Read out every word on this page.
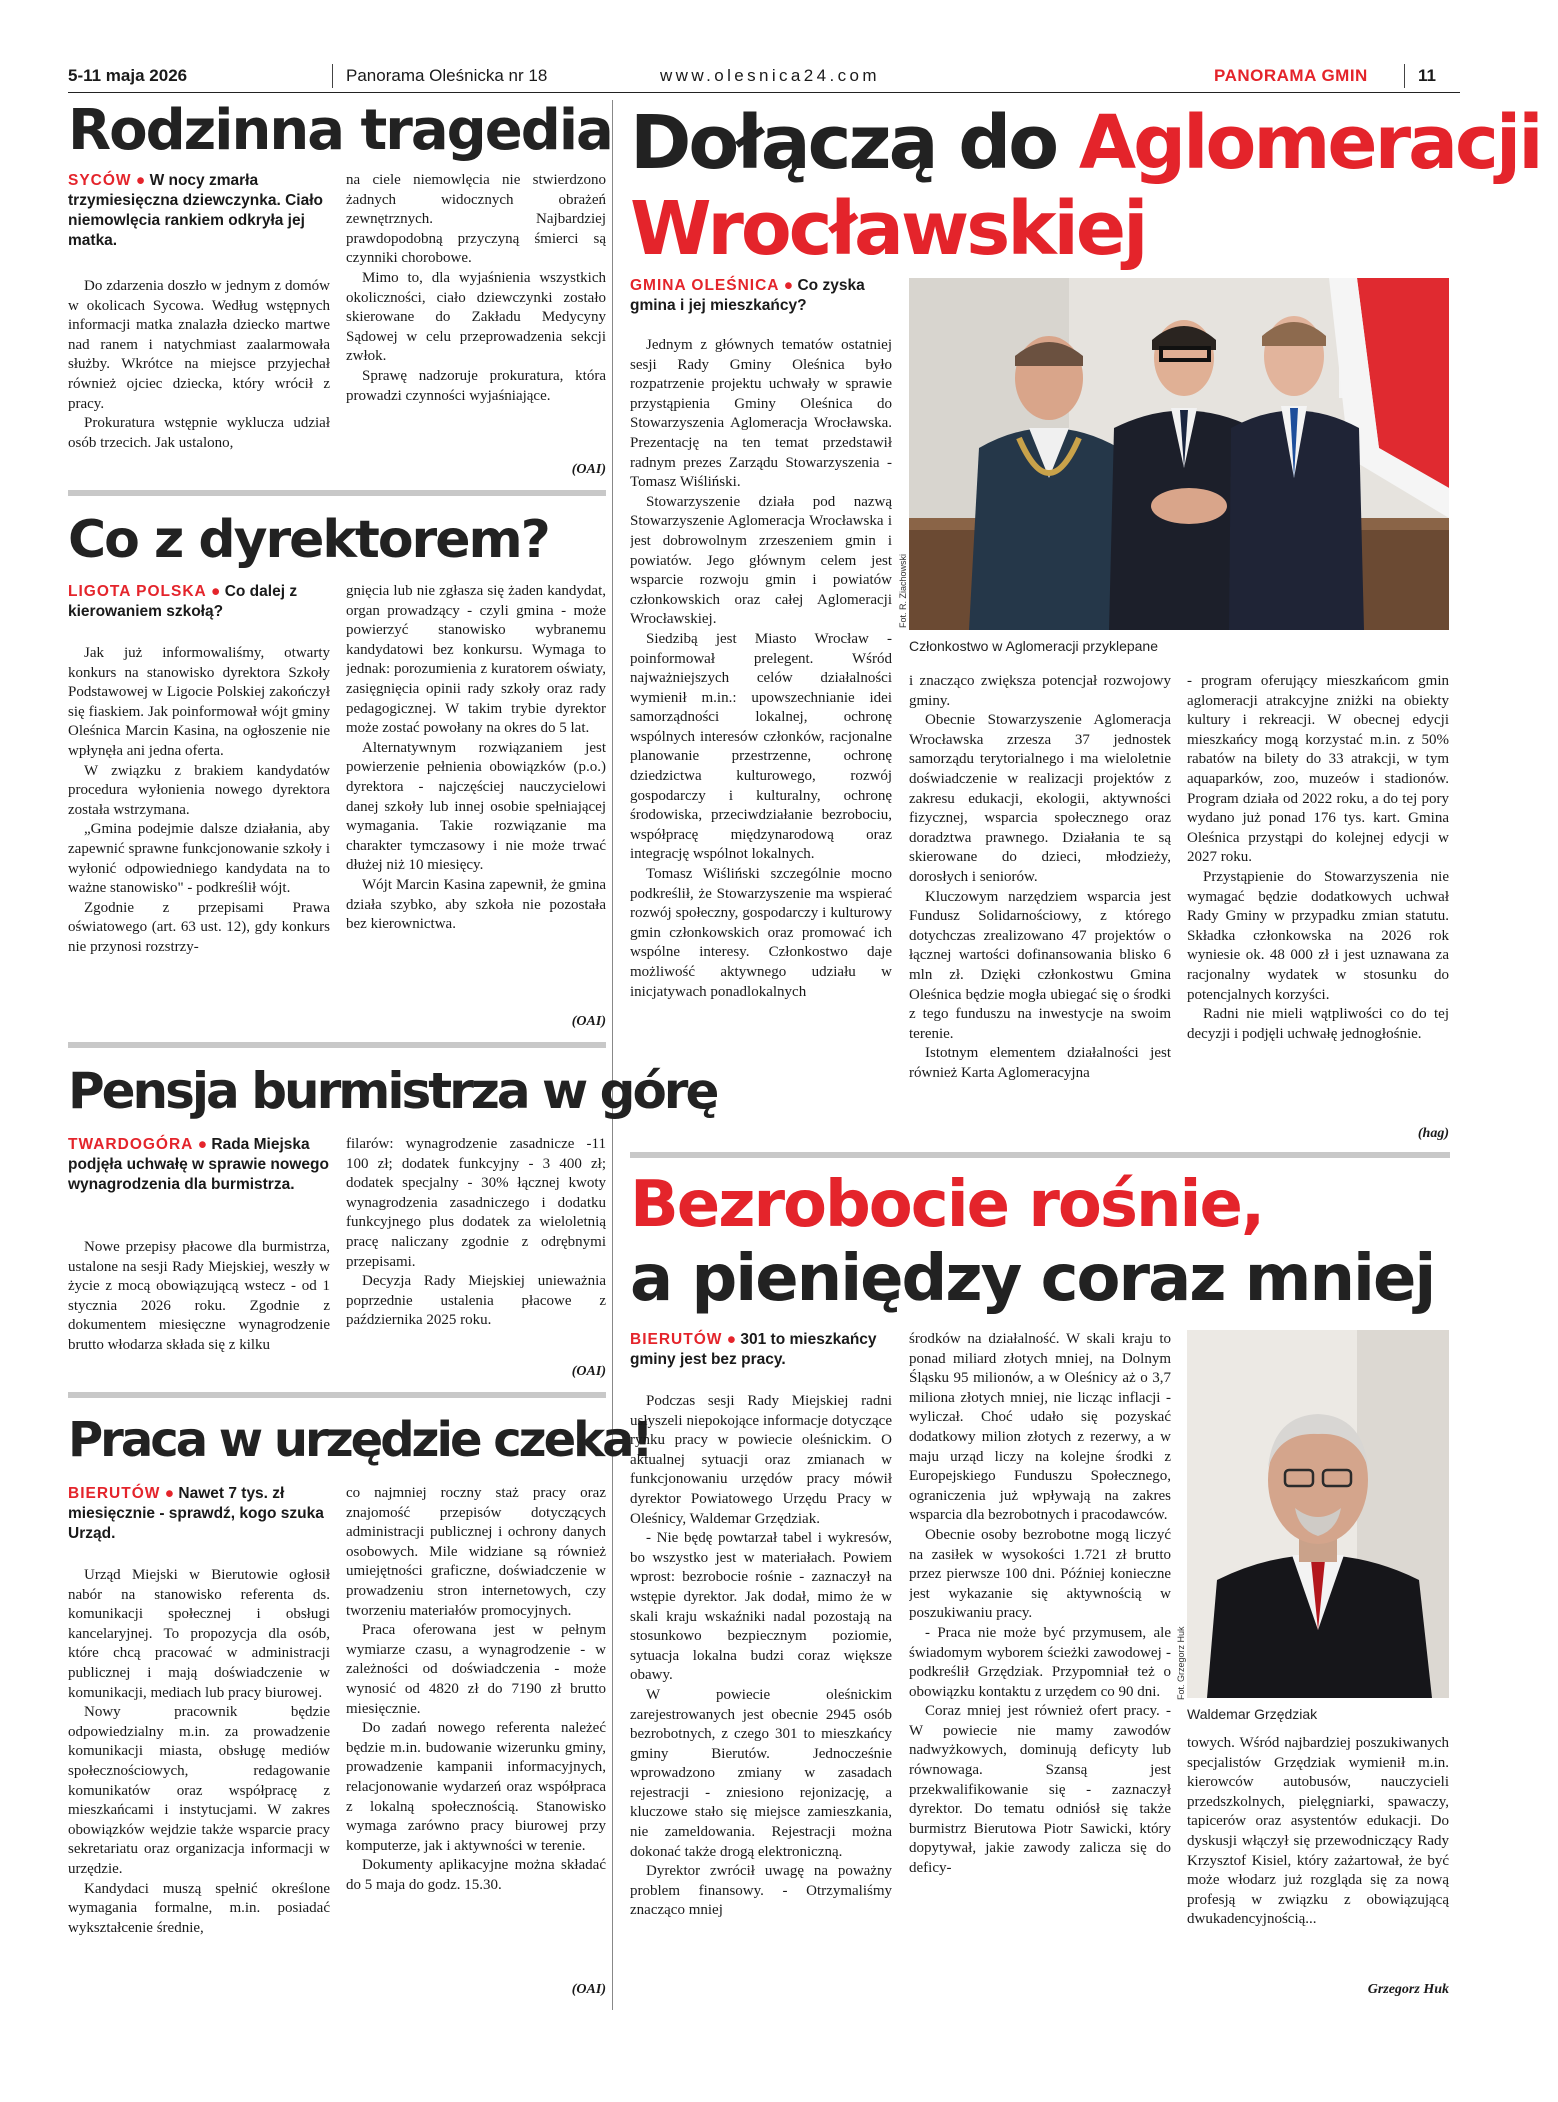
5-11 maja 2026	Panorama Oleśnicka nr 18	www.olesnica24.com	PANORAMA GMIN	11
Rodzinna tragedia
SYCÓW ● W nocy zmarła trzymiesięczna dziewczynka. Ciało niemowlęcia rankiem odkryła jej matka.

Do zdarzenia doszło w jednym z domów w okolicach Sycowa. Według wstępnych informacji matka znalazła dziecko martwe nad ranem i natychmiast zaalarmowała służby. Wkrótce na miejsce przyjechał również ojciec dziecka, który wrócił z pracy.

Prokuratura wstępnie wyklucza udział osób trzecich. Jak ustalono,

na ciele niemowlęcia nie stwierdzono żadnych widocznych obrażeń zewnętrznych. Najbardziej prawdopodobną przyczyną śmierci są czynniki chorobowe.

Mimo to, dla wyjaśnienia wszystkich okoliczności, ciało dziewczynki zostało skierowane do Zakładu Medycyny Sądowej w celu przeprowadzenia sekcji zwłok.

Sprawę nadzoruje prokuratura, która prowadzi czynności wyjaśniające.

(OAI)
Co z dyrektorem?
LIGOTA POLSKA ● Co dalej z kierowaniem szkołą?

Jak już informowaliśmy, otwarty konkurs na stanowisko dyrektora Szkoły Podstawowej w Ligocie Polskiej zakończył się fiaskiem. Jak poinformował wójt gminy Oleśnica Marcin Kasina, na ogłoszenie nie wpłynęła ani jedna oferta.

W związku z brakiem kandydatów procedura wyłonienia nowego dyrektora została wstrzymana.

„Gmina podejmie dalsze działania, aby zapewnić sprawne funkcjonowanie szkoły i wyłonić odpowiedniego kandydata na to ważne stanowisko" - podkreślił wójt.

Zgodnie z przepisami Prawa oświatowego (art. 63 ust. 12), gdy konkurs nie przynosi rozstrzy-

gnięcia lub nie zgłasza się żaden kandydat, organ prowadzący - czyli gmina - może powierzyć stanowisko wybranemu kandydatowi bez konkursu. Wymaga to jednak: porozumienia z kuratorem oświaty, zasięgnięcia opinii rady szkoły oraz rady pedagogicznej. W takim trybie dyrektor może zostać powołany na okres do 5 lat.

Alternatywnym rozwiązaniem jest powierzenie pełnienia obowiązków (p.o.) dyrektora - najczęściej nauczycielowi danej szkoły lub innej osobie spełniającej wymagania. Takie rozwiązanie ma charakter tymczasowy i nie może trwać dłużej niż 10 miesięcy.

Wójt Marcin Kasina zapewnił, że gmina działa szybko, aby szkoła nie pozostała bez kierownictwa.

(OAI)
Pensja burmistrza w górę
TWARDOGÓRA ● Rada Miejska podjęła uchwałę w sprawie nowego wynagrodzenia dla burmistrza.

Nowe przepisy płacowe dla burmistrza, ustalone na sesji Rady Miejskiej, weszły w życie z mocą obowiązującą wstecz - od 1 stycznia 2026 roku. Zgodnie z dokumentem miesięczne wynagrodzenie brutto włodarza składa się z kilku

filarów: wynagrodzenie zasadnicze -11 100 zł; dodatek funkcyjny - 3 400 zł; dodatek specjalny - 30% łącznej kwoty wynagrodzenia zasadniczego i dodatku funkcyjnego plus dodatek za wieloletnią pracę naliczany zgodnie z odrębnymi przepisami.

Decyzja Rady Miejskiej unieważnia poprzednie ustalenia płacowe z października 2025 roku.

(OAI)
Praca w urzędzie czeka!
BIERUTÓW ● Nawet 7 tys. zł miesięcznie - sprawdź, kogo szuka Urząd.

Urząd Miejski w Bierutowie ogłosił nabór na stanowisko referenta ds. komunikacji społecznej i obsługi kancelaryjnej. To propozycja dla osób, które chcą pracować w administracji publicznej i mają doświadczenie w komunikacji, mediach lub pracy biurowej.

Nowy pracownik będzie odpowiedzialny m.in. za prowadzenie komunikacji miasta, obsługę mediów społecznościowych, redagowanie komunikatów oraz współpracę z mieszkańcami i instytucjami. W zakres obowiązków wejdzie także wsparcie pracy sekretariatu oraz organizacja informacji w urzędzie.

Kandydaci muszą spełnić określone wymagania formalne, m.in. posiadać wykształcenie średnie,

co najmniej roczny staż pracy oraz znajomość przepisów dotyczących administracji publicznej i ochrony danych osobowych. Mile widziane są również umiejętności graficzne, doświadczenie w prowadzeniu stron internetowych, czy tworzeniu materiałów promocyjnych.

Praca oferowana jest w pełnym wymiarze czasu, a wynagrodzenie - w zależności od doświadczenia - może wynosić od 4820 zł do 7190 zł brutto miesięcznie.

Do zadań nowego referenta należeć będzie m.in. budowanie wizerunku gminy, prowadzenie kampanii informacyjnych, relacjonowanie wydarzeń oraz współpraca z lokalną społecznością. Stanowisko wymaga zarówno pracy biurowej przy komputerze, jak i aktywności w terenie.

Dokumenty aplikacyjne można składać do 5 maja do godz. 15.30.

(OAI)
Dołączą do Aglomeracji
Wrocławskiej
GMINA OLEŚNICA ● Co zyska gmina i jej mieszkańcy?

Jednym z głównych tematów ostatniej sesji Rady Gminy Oleśnica było rozpatrzenie projektu uchwały w sprawie przystąpienia Gminy Oleśnica do Stowarzyszenia Aglomeracja Wrocławska. Prezentację na ten temat przedstawił radnym prezes Zarządu Stowarzyszenia - Tomasz Wiśliński.

Stowarzyszenie działa pod nazwą Stowarzyszenie Aglomeracja Wrocławska i jest dobrowolnym zrzeszeniem gmin i powiatów. Jego głównym celem jest wsparcie rozwoju gmin i powiatów członkowskich oraz całej Aglomeracji Wrocławskiej.

Siedzibą jest Miasto Wrocław - poinformował prelegent. Wśród najważniejszych celów działalności wymienił m.in.: upowszechnianie idei samorządności lokalnej, ochronę wspólnych interesów członków, racjonalne planowanie przestrzenne, ochronę dziedzictwa kulturowego, rozwój gospodarczy i kulturalny, ochronę środowiska, przeciwdziałanie bezrobociu, współpracę międzynarodową oraz integrację wspólnot lokalnych.

Tomasz Wiśliński szczególnie mocno podkreślił, że Stowarzyszenie ma wspierać rozwój społeczny, gospodarczy i kulturowy gmin członkowskich oraz promować ich wspólne interesy. Członkostwo daje możliwość aktywnego udziału w inicjatywach ponadlokalnych

Fot. R. Ziachowski
Członkostwo w Aglomeracji przyklepane

i znacząco zwiększa potencjał rozwojowy gminy.

Obecnie Stowarzyszenie Aglomeracja Wrocławska zrzesza 37 jednostek samorządu terytorialnego i ma wieloletnie doświadczenie w realizacji projektów z zakresu edukacji, ekologii, aktywności fizycznej, wsparcia społecznego oraz doradztwa prawnego. Działania te są skierowane do dzieci, młodzieży, dorosłych i seniorów.

Kluczowym narzędziem wsparcia jest Fundusz Solidarnościowy, z którego dotychczas zrealizowano 47 projektów o łącznej wartości dofinansowania blisko 6 mln zł. Dzięki członkostwu Gmina Oleśnica będzie mogła ubiegać się o środki z tego funduszu na inwestycje na swoim terenie.

Istotnym elementem działalności jest również Karta Aglomeracyjna

- program oferujący mieszkańcom gmin aglomeracji atrakcyjne zniżki na obiekty kultury i rekreacji. W obecnej edycji mieszkańcy mogą korzystać m.in. z 50% rabatów na bilety do 33 atrakcji, w tym aquaparków, zoo, muzeów i stadionów. Program działa od 2022 roku, a do tej pory wydano już ponad 176 tys. kart. Gmina Oleśnica przystąpi do kolejnej edycji w 2027 roku.

Przystąpienie do Stowarzyszenia nie wymagać będzie dodatkowych uchwał Rady Gminy w przypadku zmian statutu. Składka członkowska na 2026 rok wyniesie ok. 48 000 zł i jest uznawana za racjonalny wydatek w stosunku do potencjalnych korzyści.

Radni nie mieli wątpliwości co do tej decyzji i podjęli uchwałę jednogłośnie.

(hag)
Bezrobocie rośnie,
a pieniędzy coraz mniej
BIERUTÓW ● 301 to mieszkańcy gminy jest bez pracy.

Podczas sesji Rady Miejskiej radni usłyszeli niepokojące informacje dotyczące rynku pracy w powiecie oleśnickim. O aktualnej sytuacji oraz zmianach w funkcjonowaniu urzędów pracy mówił dyrektor Powiatowego Urzędu Pracy w Oleśnicy, Waldemar Grzędziak.

- Nie będę powtarzał tabel i wykresów, bo wszystko jest w materiałach. Powiem wprost: bezrobocie rośnie - zaznaczył na wstępie dyrektor. Jak dodał, mimo że w skali kraju wskaźniki nadal pozostają na stosunkowo bezpiecznym poziomie, sytuacja lokalna budzi coraz większe obawy.

W powiecie oleśnickim zarejestrowanych jest obecnie 2945 osób bezrobotnych, z czego 301 to mieszkańcy gminy Bierutów. Jednocześnie wprowadzono zmiany w zasadach rejestracji - zniesiono rejonizację, a kluczowe stało się miejsce zamieszkania, nie zameldowania. Rejestracji można dokonać także drogą elektroniczną.

Dyrektor zwrócił uwagę na poważny problem finansowy. - Otrzymaliśmy znacząco mniej

środków na działalność. W skali kraju to ponad miliard złotych mniej, na Dolnym Śląsku 95 milionów, a w Oleśnicy aż o 3,7 miliona złotych mniej, nie licząc inflacji - wyliczał. Choć udało się pozyskać dodatkowy milion złotych z rezerwy, a w maju urząd liczy na kolejne środki z Europejskiego Funduszu Społecznego, ograniczenia już wpływają na zakres wsparcia dla bezrobotnych i pracodawców.

Obecnie osoby bezrobotne mogą liczyć na zasiłek w wysokości 1.721 zł brutto przez pierwsze 100 dni. Później konieczne jest wykazanie się aktywnością w poszukiwaniu pracy.

- Praca nie może być przymusem, ale świadomym wyborem ścieżki zawodowej - podkreślił Grzędziak. Przypomniał też o obowiązku kontaktu z urzędem co 90 dni.

Coraz mniej jest również ofert pracy. - W powiecie nie mamy zawodów nadwyżkowych, dominują deficyty lub równowaga. Szansą jest przekwalifikowanie się - zaznaczył dyrektor. Do tematu odniósł się także burmistrz Bierutowa Piotr Sawicki, który dopytywał, jakie zawody zalicza się do deficy-

Fot. Grzegorz Huk
Waldemar Grzędziak

towych. Wśród najbardziej poszukiwanych specjalistów Grzędziak wymienił m.in. kierowców autobusów, nauczycieli przedszkolnych, pielęgniarki, spawaczy, tapicerów oraz asystentów edukacji. Do dyskusji włączył się przewodniczący Rady Krzysztof Kisiel, który zażartował, że być może włodarz już rozgląda się za nową profesją w związku z obowiązującą dwukadencyjnością...

Grzegorz Huk
